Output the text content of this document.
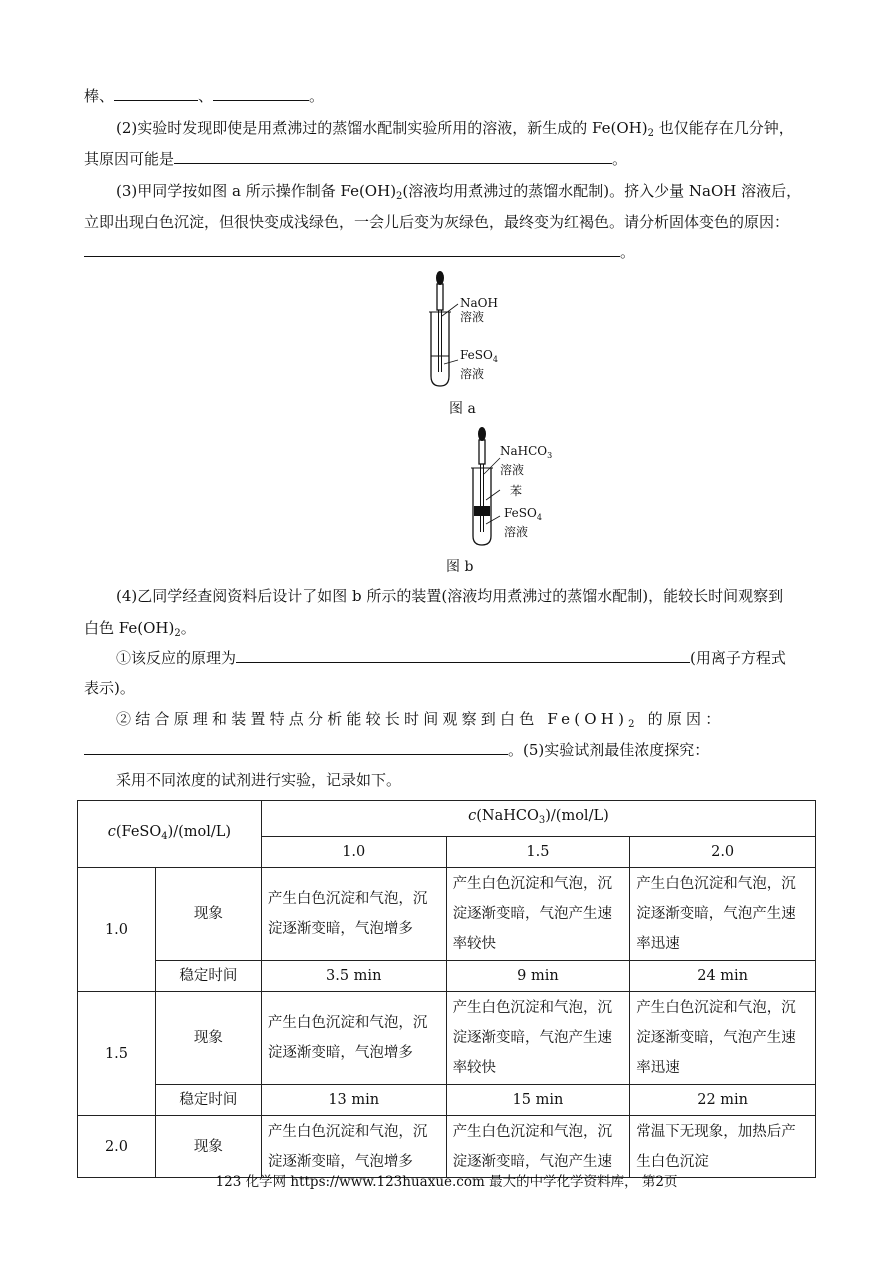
棒、	、	。
(2)实验时发现即使是用煮沸过的蒸馏水配制实验所用的溶液，新生成的 $Fe(OH)_2$ 也仅能存在几分钟，
其原因可能是	。
(3)甲同学按如图 a 所示操作制备 $Fe(OH)_2$(溶液均用煮沸过的蒸馏水配制)。挤入少量 NaOH 溶液后，
立即出现白色沉淀，但很快变成浅绿色，一会儿后变为灰绿色，最终变为红褐色。请分析固体变色的原因：
。
NaOH
溶液
FeSO$_4$
溶液
图 a
NaHCO$_3$
溶液
苯
FeSO$_4$
溶液
图 b
(4)乙同学经查阅资料后设计了如图 b 所示的装置(溶液均用煮沸过的蒸馏水配制)，能较长时间观察到
白色 $Fe(OH)_2$。
①该反应的原理为	(用离子方程式
表示)。
②结合原理和装置特点分析能较长时间观察到白色 $Fe(OH)_2$ 的原因：
。(5)实验试剂最佳浓度探究：
采用不同浓度的试剂进行实验，记录如下。
c(FeSO$_4$)/(mol/L)		c(NaHCO$_3$)/(mol/L)		
		1.0	1.5	2.0
1.0	现象	产生白色沉淀和气泡，沉淀逐渐变暗，气泡增多	产生白色沉淀和气泡，沉淀逐渐变暗，气泡产生速率较快	产生白色沉淀和气泡，沉淀逐渐变暗，气泡产生速率迅速
	稳定时间	3.5 min	9 min	24 min
1.5	现象	产生白色沉淀和气泡，沉淀逐渐变暗，气泡增多	产生白色沉淀和气泡，沉淀逐渐变暗，气泡产生速率较快	产生白色沉淀和气泡，沉淀逐渐变暗，气泡产生速率迅速
	稳定时间	13 min	15 min	22 min
2.0	现象	产生白色沉淀和气泡，沉淀逐渐变暗，气泡增多	产生白色沉淀和气泡，沉淀逐渐变暗，气泡产生速	常温下无现象，加热后产生白色沉淀
123 化学网 https://www.123huaxue.com 最大的中学化学资料库， 第2页
